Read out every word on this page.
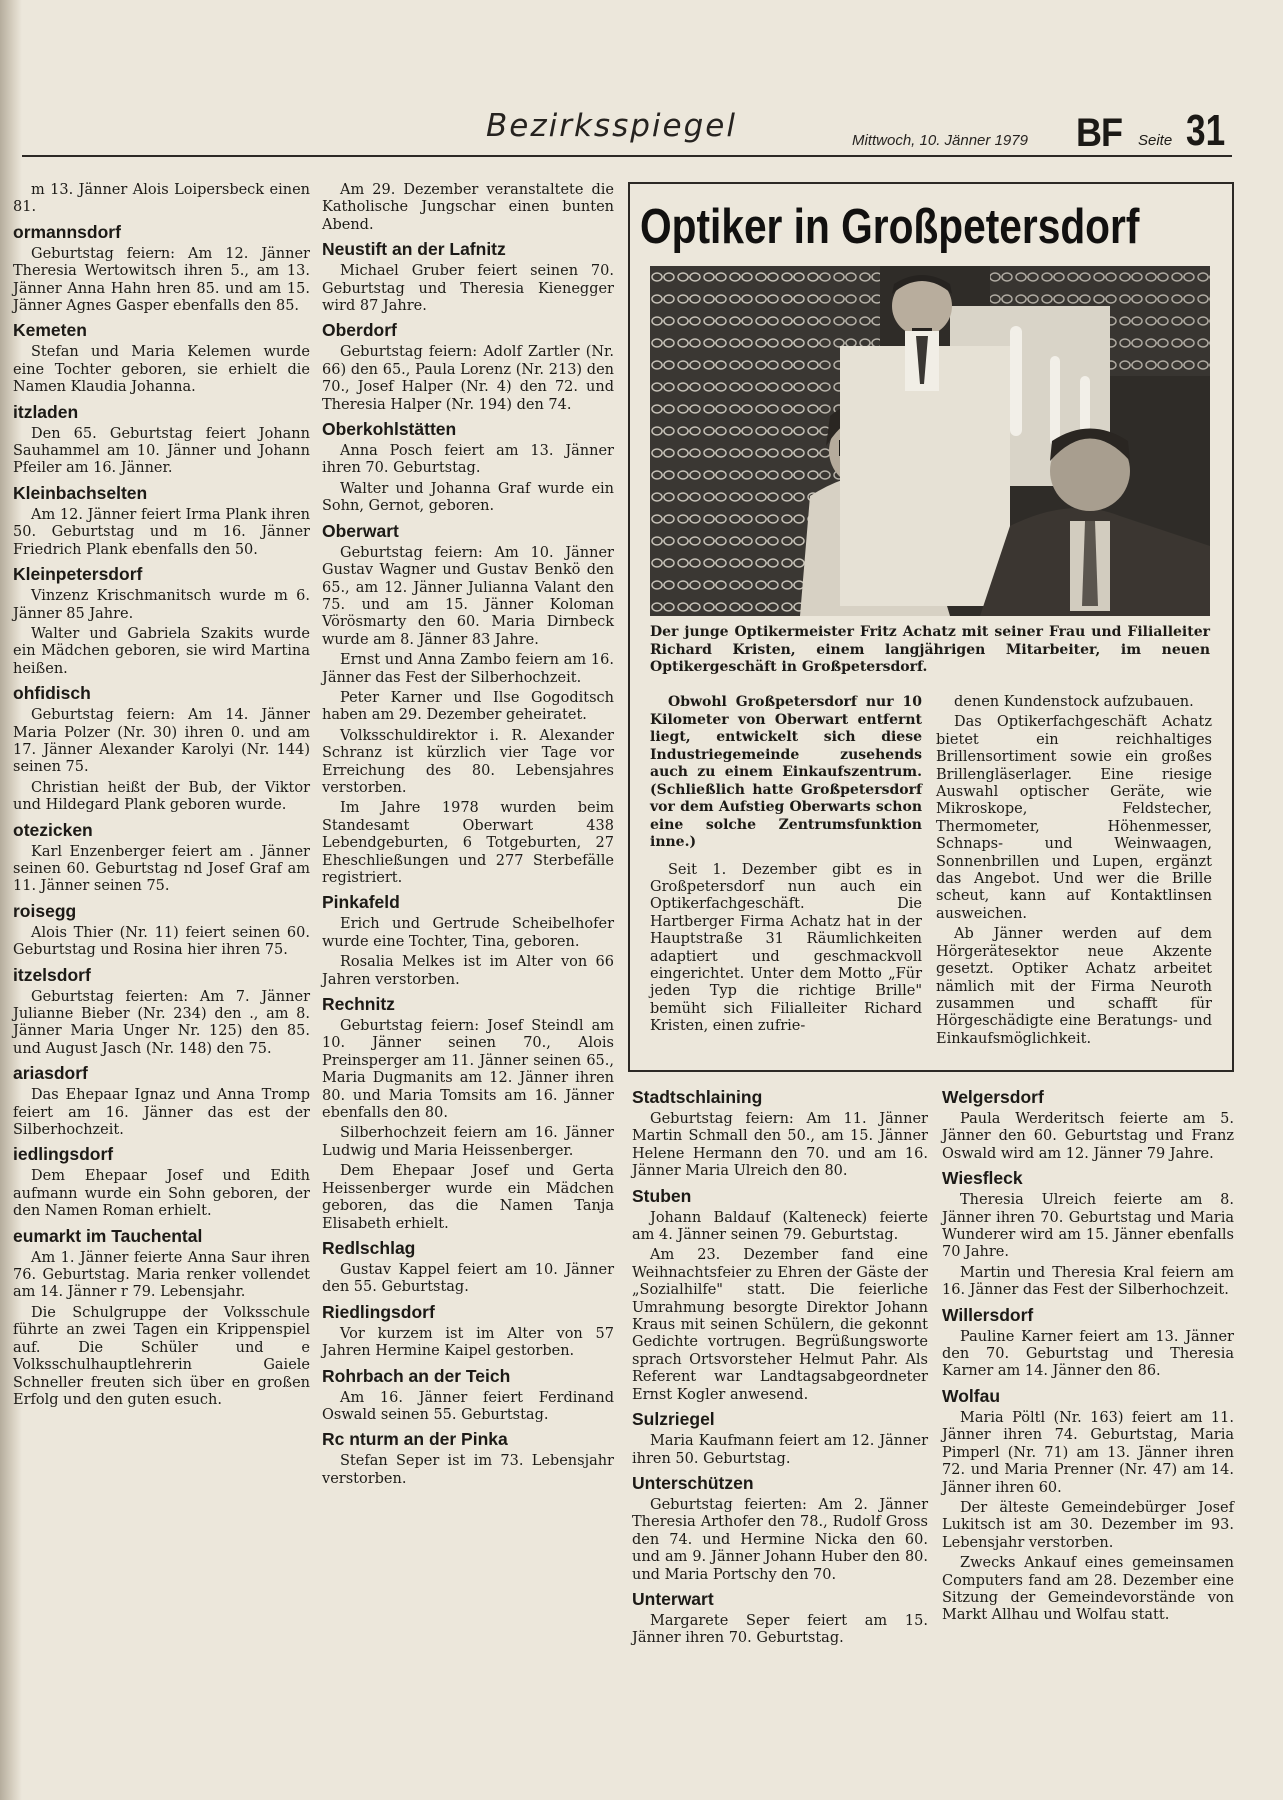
Bezirksspiegel	Mittwoch, 10. Jänner 1979 BF Seite 31

m 13. Jänner Alois Loipersbeck einen 81.

ormannsdorf

Geburtstag feiern: Am 12. Jänner Theresia Wertowitsch ihren 5., am 13. Jänner Anna Hahn hren 85. und am 15. Jänner Agnes Gasper ebenfalls den 85.

Kemeten

Stefan und Maria Kelemen wurde eine Tochter geboren, sie erhielt die Namen Klaudia Johanna.

itzladen

Den 65. Geburtstag feiert Johann Sauhammel am 10. Jänner und Johann Pfeiler am 16. Jänner.

Kleinbachselten

Am 12. Jänner feiert Irma Plank ihren 50. Geburtstag und m 16. Jänner Friedrich Plank ebenfalls den 50.

Kleinpetersdorf

Vinzenz Krischmanitsch wurde m 6. Jänner 85 Jahre.

Walter und Gabriela Szakits wurde ein Mädchen geboren, sie wird Martina heißen.

ohfidisch

Geburtstag feiern: Am 14. Jänner Maria Polzer (Nr. 30) ihren 0. und am 17. Jänner Alexander Karolyi (Nr. 144) seinen 75.

Christian heißt der Bub, der Viktor und Hildegard Plank geboren wurde.

otezicken

Karl Enzenberger feiert am . Jänner seinen 60. Geburtstag nd Josef Graf am 11. Jänner seinen 75.

roisegg

Alois Thier (Nr. 11) feiert seinen 60. Geburtstag und Rosina hier ihren 75.

itzelsdorf

Geburtstag feierten: Am 7. Jänner Julianne Bieber (Nr. 234) den ., am 8. Jänner Maria Unger Nr. 125) den 85. und August Jasch (Nr. 148) den 75.

ariasdorf

Das Ehepaar Ignaz und Anna Tromp feiert am 16. Jänner das est der Silberhochzeit.

iedlingsdorf

Dem Ehepaar Josef und Edith aufmann wurde ein Sohn geboren, der den Namen Roman erhielt.

eumarkt im Tauchental

Am 1. Jänner feierte Anna Saur ihren 76. Geburtstag. Maria renker vollendet am 14. Jänner r 79. Lebensjahr.

Die Schulgruppe der Volksschule führte an zwei Tagen ein Krippenspiel auf. Die Schüler und e Volksschulhauptlehrerin Gaiele Schneller freuten sich über en großen Erfolg und den guten esuch.

Am 29. Dezember veranstaltete die Katholische Jungschar einen bunten Abend.

Neustift an der Lafnitz

Michael Gruber feiert seinen 70. Geburtstag und Theresia Kienegger wird 87 Jahre.

Oberdorf

Geburtstag feiern: Adolf Zartler (Nr. 66) den 65., Paula Lorenz (Nr. 213) den 70., Josef Halper (Nr. 4) den 72. und Theresia Halper (Nr. 194) den 74.

Oberkohlstätten

Anna Posch feiert am 13. Jänner ihren 70. Geburtstag.

Walter und Johanna Graf wurde ein Sohn, Gernot, geboren.

Oberwart

Geburtstag feiern: Am 10. Jänner Gustav Wagner und Gustav Benkö den 65., am 12. Jänner Julianna Valant den 75. und am 15. Jänner Koloman Vörösmarty den 60. Maria Dirnbeck wurde am 8. Jänner 83 Jahre.

Ernst und Anna Zambo feiern am 16. Jänner das Fest der Silberhochzeit.

Peter Karner und Ilse Gogoditsch haben am 29. Dezember geheiratet.

Volksschuldirektor i. R. Alexander Schranz ist kürzlich vier Tage vor Erreichung des 80. Lebensjahres verstorben.

Im Jahre 1978 wurden beim Standesamt Oberwart 438 Lebendgeburten, 6 Totgeburten, 27 Eheschließungen und 277 Sterbefälle registriert.

Pinkafeld

Erich und Gertrude Scheibelhofer wurde eine Tochter, Tina, geboren.

Rosalia Melkes ist im Alter von 66 Jahren verstorben.

Rechnitz

Geburtstag feiern: Josef Steindl am 10. Jänner seinen 70., Alois Preinsperger am 11. Jänner seinen 65., Maria Dugmanits am 12. Jänner ihren 80. und Maria Tomsits am 16. Jänner ebenfalls den 80.

Silberhochzeit feiern am 16. Jänner Ludwig und Maria Heissenberger.

Dem Ehepaar Josef und Gerta Heissenberger wurde ein Mädchen geboren, das die Namen Tanja Elisabeth erhielt.

Redlschlag

Gustav Kappel feiert am 10. Jänner den 55. Geburtstag.

Riedlingsdorf

Vor kurzem ist im Alter von 57 Jahren Hermine Kaipel gestorben.

Rohrbach an der Teich

Am 16. Jänner feiert Ferdinand Oswald seinen 55. Geburtstag.

Rc nturm an der Pinka

Stefan Seper ist im 73. Lebensjahr verstorben.

Optiker in Großpetersdorf
Der junge Optikermeister Fritz Achatz mit seiner Frau und Filialleiter Richard Kristen, einem langjährigen Mitarbeiter, im neuen Optikergeschäft in Großpetersdorf.

Obwohl Großpetersdorf nur 10 Kilometer von Oberwart entfernt liegt, entwickelt sich diese Industriegemeinde zusehends auch zu einem Einkaufszentrum. (Schließlich hatte Großpetersdorf vor dem Aufstieg Oberwarts schon eine solche Zentrumsfunktion inne.)

Seit 1. Dezember gibt es in Großpetersdorf nun auch ein Optikerfachgeschäft. Die Hartberger Firma Achatz hat in der Hauptstraße 31 Räumlichkeiten adaptiert und geschmackvoll eingerichtet. Unter dem Motto „Für jeden Typ die richtige Brille" bemüht sich Filialleiter Richard Kristen, einen zufrie-

denen Kundenstock aufzubauen.

Das Optikerfachgeschäft Achatz bietet ein reichhaltiges Brillensortiment sowie ein großes Brillengläserlager. Eine riesige Auswahl optischer Geräte, wie Mikroskope, Feldstecher, Thermometer, Höhenmesser, Schnaps- und Weinwaagen, Sonnenbrillen und Lupen, ergänzt das Angebot. Und wer die Brille scheut, kann auf Kontaktlinsen ausweichen.

Ab Jänner werden auf dem Hörgerätesektor neue Akzente gesetzt. Optiker Achatz arbeitet nämlich mit der Firma Neuroth zusammen und schafft für Hörgeschädigte eine Beratungs- und Einkaufsmöglichkeit.

Stadtschlaining

Geburtstag feiern: Am 11. Jänner Martin Schmall den 50., am 15. Jänner Helene Hermann den 70. und am 16. Jänner Maria Ulreich den 80.

Stuben

Johann Baldauf (Kalteneck) feierte am 4. Jänner seinen 79. Geburtstag.

Am 23. Dezember fand eine Weihnachtsfeier zu Ehren der Gäste der „Sozialhilfe" statt. Die feierliche Umrahmung besorgte Direktor Johann Kraus mit seinen Schülern, die gekonnt Gedichte vortrugen. Begrüßungsworte sprach Ortsvorsteher Helmut Pahr. Als Referent war Landtagsabgeordneter Ernst Kogler anwesend.

Sulzriegel

Maria Kaufmann feiert am 12. Jänner ihren 50. Geburtstag.

Unterschützen

Geburtstag feierten: Am 2. Jänner Theresia Arthofer den 78., Rudolf Gross den 74. und Hermine Nicka den 60. und am 9. Jänner Johann Huber den 80. und Maria Portschy den 70.

Unterwart

Margarete Seper feiert am 15. Jänner ihren 70. Geburtstag.

Welgersdorf

Paula Werderitsch feierte am 5. Jänner den 60. Geburtstag und Franz Oswald wird am 12. Jänner 79 Jahre.

Wiesfleck

Theresia Ulreich feierte am 8. Jänner ihren 70. Geburtstag und Maria Wunderer wird am 15. Jänner ebenfalls 70 Jahre.

Martin und Theresia Kral feiern am 16. Jänner das Fest der Silberhochzeit.

Willersdorf

Pauline Karner feiert am 13. Jänner den 70. Geburtstag und Theresia Karner am 14. Jänner den 86.

Wolfau

Maria Pöltl (Nr. 163) feiert am 11. Jänner ihren 74. Geburtstag, Maria Pimperl (Nr. 71) am 13. Jänner ihren 72. und Maria Prenner (Nr. 47) am 14. Jänner ihren 60.

Der älteste Gemeindebürger Josef Lukitsch ist am 30. Dezember im 93. Lebensjahr verstorben.

Zwecks Ankauf eines gemeinsamen Computers fand am 28. Dezember eine Sitzung der Gemeindevorstände von Markt Allhau und Wolfau statt.
